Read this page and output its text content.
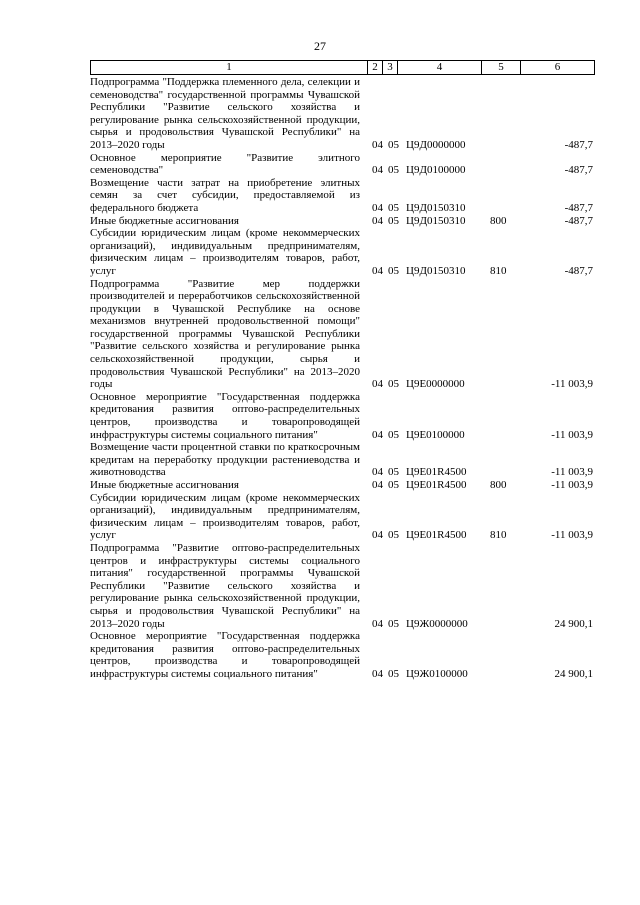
27
1	2 3	4	5	6
Подпрограмма "Поддержка племенного дела, селекции и семеноводства" государственной программы Чувашской Республики "Развитие сельского хозяйства и регулирование рынка сельскохозяйственной продукции, сырья и продовольствия Чувашской Республики" на 2013–2020 годы	04 05 Ц9Д0000000	-487,7
Основное мероприятие "Развитие элитного семеноводства"	04 05 Ц9Д0100000	-487,7
Возмещение части затрат на приобретение элитных семян за счет субсидии, предоставляемой из федерального бюджета	04 05 Ц9Д0150310	-487,7
Иные бюджетные ассигнования	04 05 Ц9Д0150310	800	-487,7
Субсидии юридическим лицам (кроме некоммерческих организаций), индивидуальным предпринимателям, физическим лицам – производителям товаров, работ, услуг	04 05 Ц9Д0150310	810	-487,7
Подпрограмма "Развитие мер поддержки производителей и переработчиков сельскохозяйственной продукции в Чувашской Республике на основе механизмов внутренней продовольственной помощи" государственной программы Чувашской Республики "Развитие сельского хозяйства и регулирование рынка сельскохозяйственной продукции, сырья и продовольствия Чувашской Республики" на 2013–2020 годы	04 05 Ц9Е0000000	-11 003,9
Основное мероприятие "Государственная поддержка кредитования развития оптово-распределительных центров, производства и товаропроводящей инфраструктуры системы социального питания"	04 05 Ц9Е0100000	-11 003,9
Возмещение части процентной ставки по краткосрочным кредитам на переработку продукции растениеводства и животноводства	04 05 Ц9Е01R4500	-11 003,9
Иные бюджетные ассигнования	04 05 Ц9Е01R4500	800	-11 003,9
Субсидии юридическим лицам (кроме некоммерческих организаций), индивидуальным предпринимателям, физическим лицам – производителям товаров, работ, услуг	04 05 Ц9Е01R4500	810	-11 003,9
Подпрограмма "Развитие оптово-распределительных центров и инфраструктуры системы социального питания" государственной программы Чувашской Республики "Развитие сельского хозяйства и регулирование рынка сельскохозяйственной продукции, сырья и продовольствия Чувашской Республики" на 2013–2020 годы	04 05 Ц9Ж0000000	24 900,1
Основное мероприятие "Государственная поддержка кредитования развития оптово-распределительных центров, производства и товаропроводящей инфраструктуры системы социального питания"	04 05 Ц9Ж0100000	24 900,1
